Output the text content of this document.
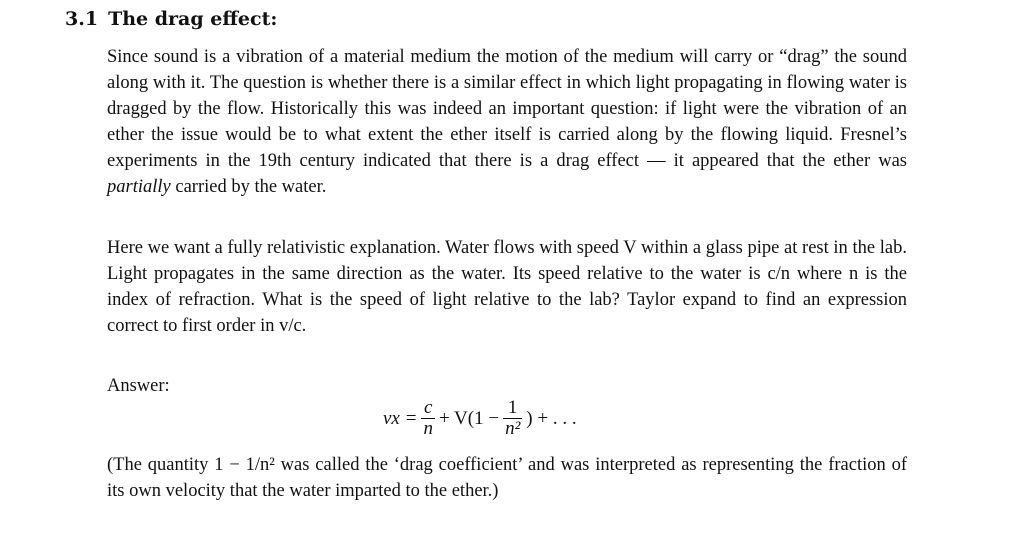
3.1 The drag effect:
Since sound is a vibration of a material medium the motion of the medium will carry or “drag” the sound along with it. The question is whether there is a similar effect in which light propagating in flowing water is dragged by the flow. Historically this was indeed an important question: if light were the vibration of an ether the issue would be to what extent the ether itself is carried along by the flowing liquid. Fresnel’s experiments in the 19th century indicated that there is a drag effect — it appeared that the ether was partially carried by the water.
Here we want a fully relativistic explanation. Water flows with speed V within a glass pipe at rest in the lab. Light propagates in the same direction as the water. Its speed relative to the water is c/n where n is the index of refraction. What is the speed of light relative to the lab? Taylor expand to find an expression correct to first order in v/c.
Answer:
vx = $\frac{c}{n} + V(1 - \frac{1}{\text{n²}}$ ) + . . .
(The quantity 1 − 1/n² was called the ‘drag coefficient’ and was interpreted as representing the fraction of its own velocity that the water imparted to the ether.)
